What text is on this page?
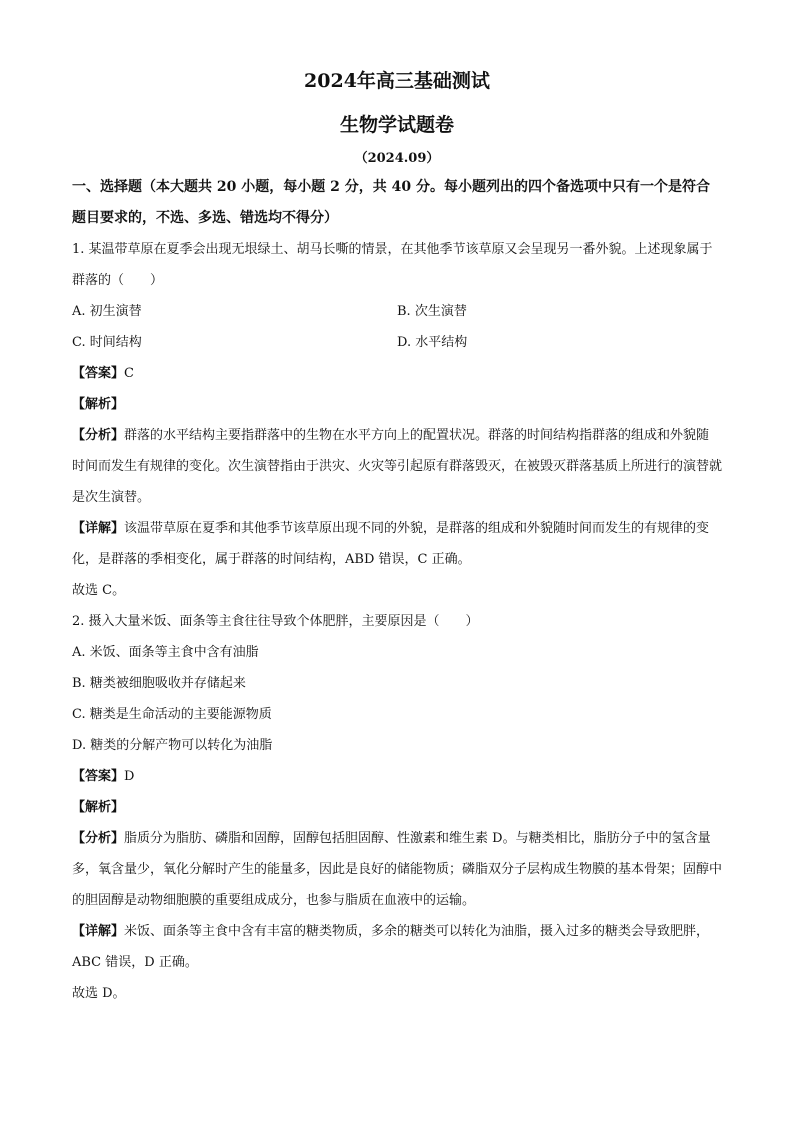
2024年高三基础测试
生物学试题卷
（2024.09）
一、选择题（本大题共 20 小题，每小题 2 分，共 40 分。每小题列出的四个备选项中只有一个是符合题目要求的，不选、多选、错选均不得分）
1. 某温带草原在夏季会出现无垠绿土、胡马长嘶的情景，在其他季节该草原又会呈现另一番外貌。上述现象属于群落的（　　）
A. 初生演替	B. 次生演替
C. 时间结构	D. 水平结构
【答案】C
【解析】
【分析】群落的水平结构主要指群落中的生物在水平方向上的配置状况。群落的时间结构指群落的组成和外貌随时间而发生有规律的变化。次生演替指由于洪灾、火灾等引起原有群落毁灭，在被毁灭群落基质上所进行的演替就是次生演替。
【详解】该温带草原在夏季和其他季节该草原出现不同的外貌，是群落的组成和外貌随时间而发生的有规律的变化，是群落的季相变化，属于群落的时间结构，ABD 错误，C 正确。
故选 C。
2. 摄入大量米饭、面条等主食往往导致个体肥胖，主要原因是（　　）
A. 米饭、面条等主食中含有油脂
B. 糖类被细胞吸收并存储起来
C. 糖类是生命活动的主要能源物质
D. 糖类的分解产物可以转化为油脂
【答案】D
【解析】
【分析】脂质分为脂肪、磷脂和固醇，固醇包括胆固醇、性激素和维生素 D。与糖类相比，脂肪分子中的氢含量多，氧含量少，氧化分解时产生的能量多，因此是良好的储能物质；磷脂双分子层构成生物膜的基本骨架；固醇中的胆固醇是动物细胞膜的重要组成成分，也参与脂质在血液中的运输。
【详解】米饭、面条等主食中含有丰富的糖类物质，多余的糖类可以转化为油脂，摄入过多的糖类会导致肥胖，ABC 错误，D 正确。
故选 D。
